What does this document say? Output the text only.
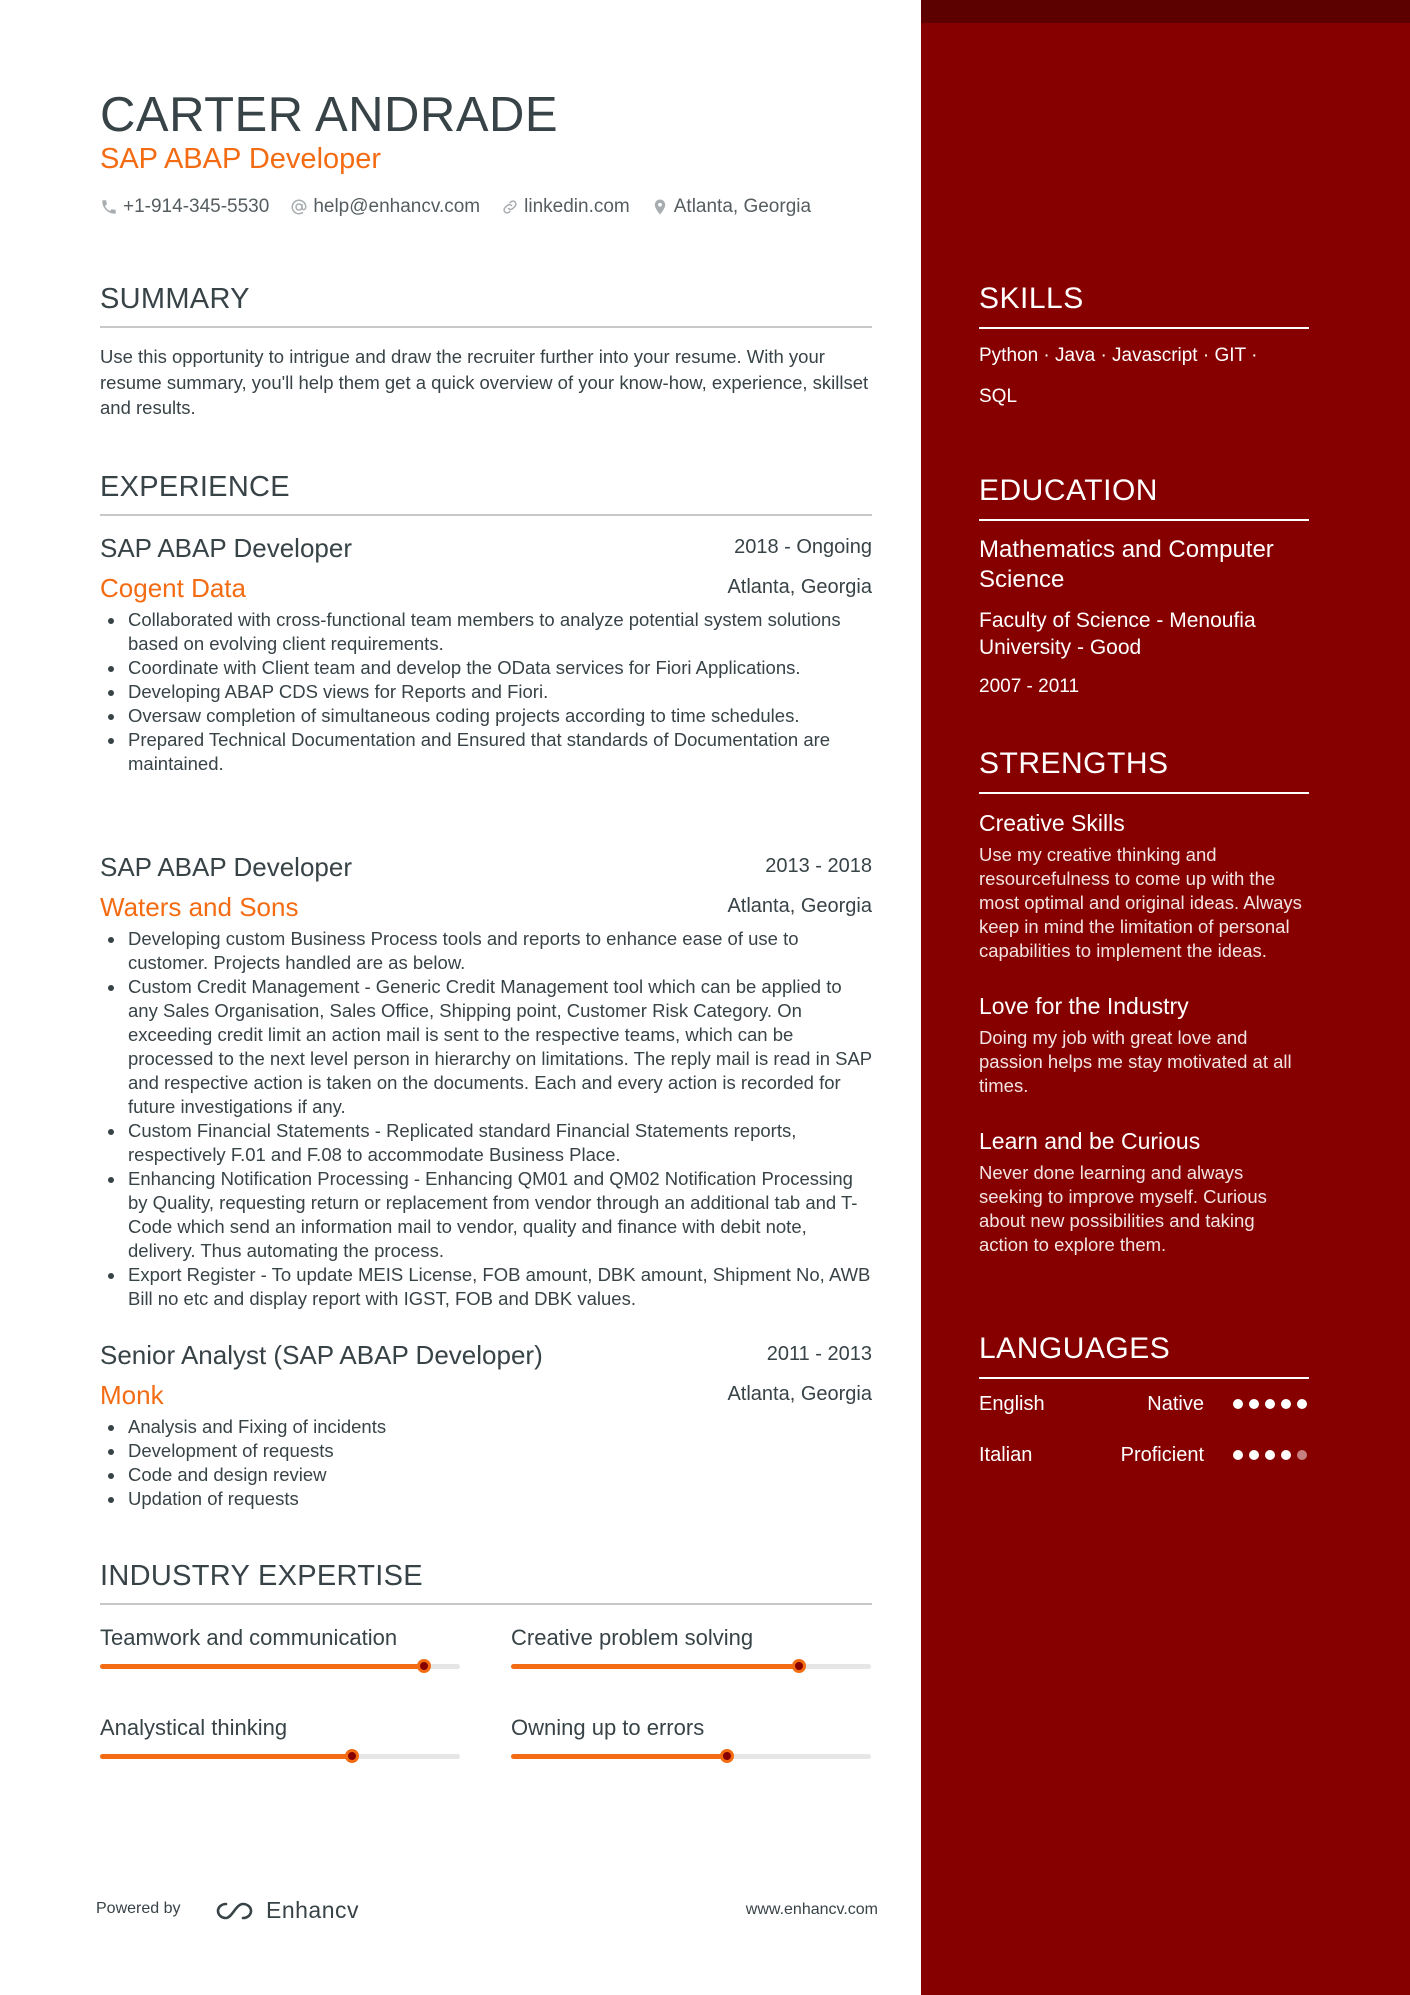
CARTER ANDRADE
SAP ABAP Developer
+1-914-345-5530 help@enhancv.com linkedin.com Atlanta, Georgia
SUMMARY

Use this opportunity to intrigue and draw the recruiter further into your resume. With your resume summary, you'll help them get a quick overview of your know-how, experience, skillset and results.

EXPERIENCE
SAP ABAP Developer	2018 - Ongoing
Cogent Data	Atlanta, Georgia
Collaborated with cross-functional team members to analyze potential system solutions based on evolving client requirements.
Coordinate with Client team and develop the OData services for Fiori Applications.
Developing ABAP CDS views for Reports and Fiori.
Oversaw completion of simultaneous coding projects according to time schedules.
Prepared Technical Documentation and Ensured that standards of Documentation are maintained.
SAP ABAP Developer	2013 - 2018
Waters and Sons	Atlanta, Georgia
Developing custom Business Process tools and reports to enhance ease of use to customer. Projects handled are as below.
Custom Credit Management - Generic Credit Management tool which can be applied to any Sales Organisation, Sales Office, Shipping point, Customer Risk Category. On exceeding credit limit an action mail is sent to the respective teams, which can be processed to the next level person in hierarchy on limitations. The reply mail is read in SAP and respective action is taken on the documents. Each and every action is recorded for future investigations if any.
Custom Financial Statements - Replicated standard Financial Statements reports, respectively F.01 and F.08 to accommodate Business Place.
Enhancing Notification Processing - Enhancing QM01 and QM02 Notification Processing by Quality, requesting return or replacement from vendor through an additional tab and T-Code which send an information mail to vendor, quality and finance with debit note, delivery. Thus automating the process.
Export Register - To update MEIS License, FOB amount, DBK amount, Shipment No, AWB Bill no etc and display report with IGST, FOB and DBK values.
Senior Analyst (SAP ABAP Developer)	2011 - 2013
Monk	Atlanta, Georgia
Analysis and Fixing of incidents
Development of requests
Code and design review
Updation of requests
INDUSTRY EXPERTISE
Teamwork and communication	Creative problem solving
Analystical thinking	Owning up to errors
Powered by	Enhancv	www.enhancv.com
SKILLS
Python · Java · Javascript · GIT ·
SQL
EDUCATION
Mathematics and Computer Science
Faculty of Science - Menoufia University - Good
2007 - 2011
STRENGTHS
Creative Skills
Use my creative thinking and resourcefulness to come up with the most optimal and original ideas. Always keep in mind the limitation of personal capabilities to implement the ideas.
Love for the Industry
Doing my job with great love and passion helps me stay motivated at all times.
Learn and be Curious
Never done learning and always seeking to improve myself. Curious about new possibilities and taking action to explore them.
LANGUAGES
English	Native
Italian	Proficient
